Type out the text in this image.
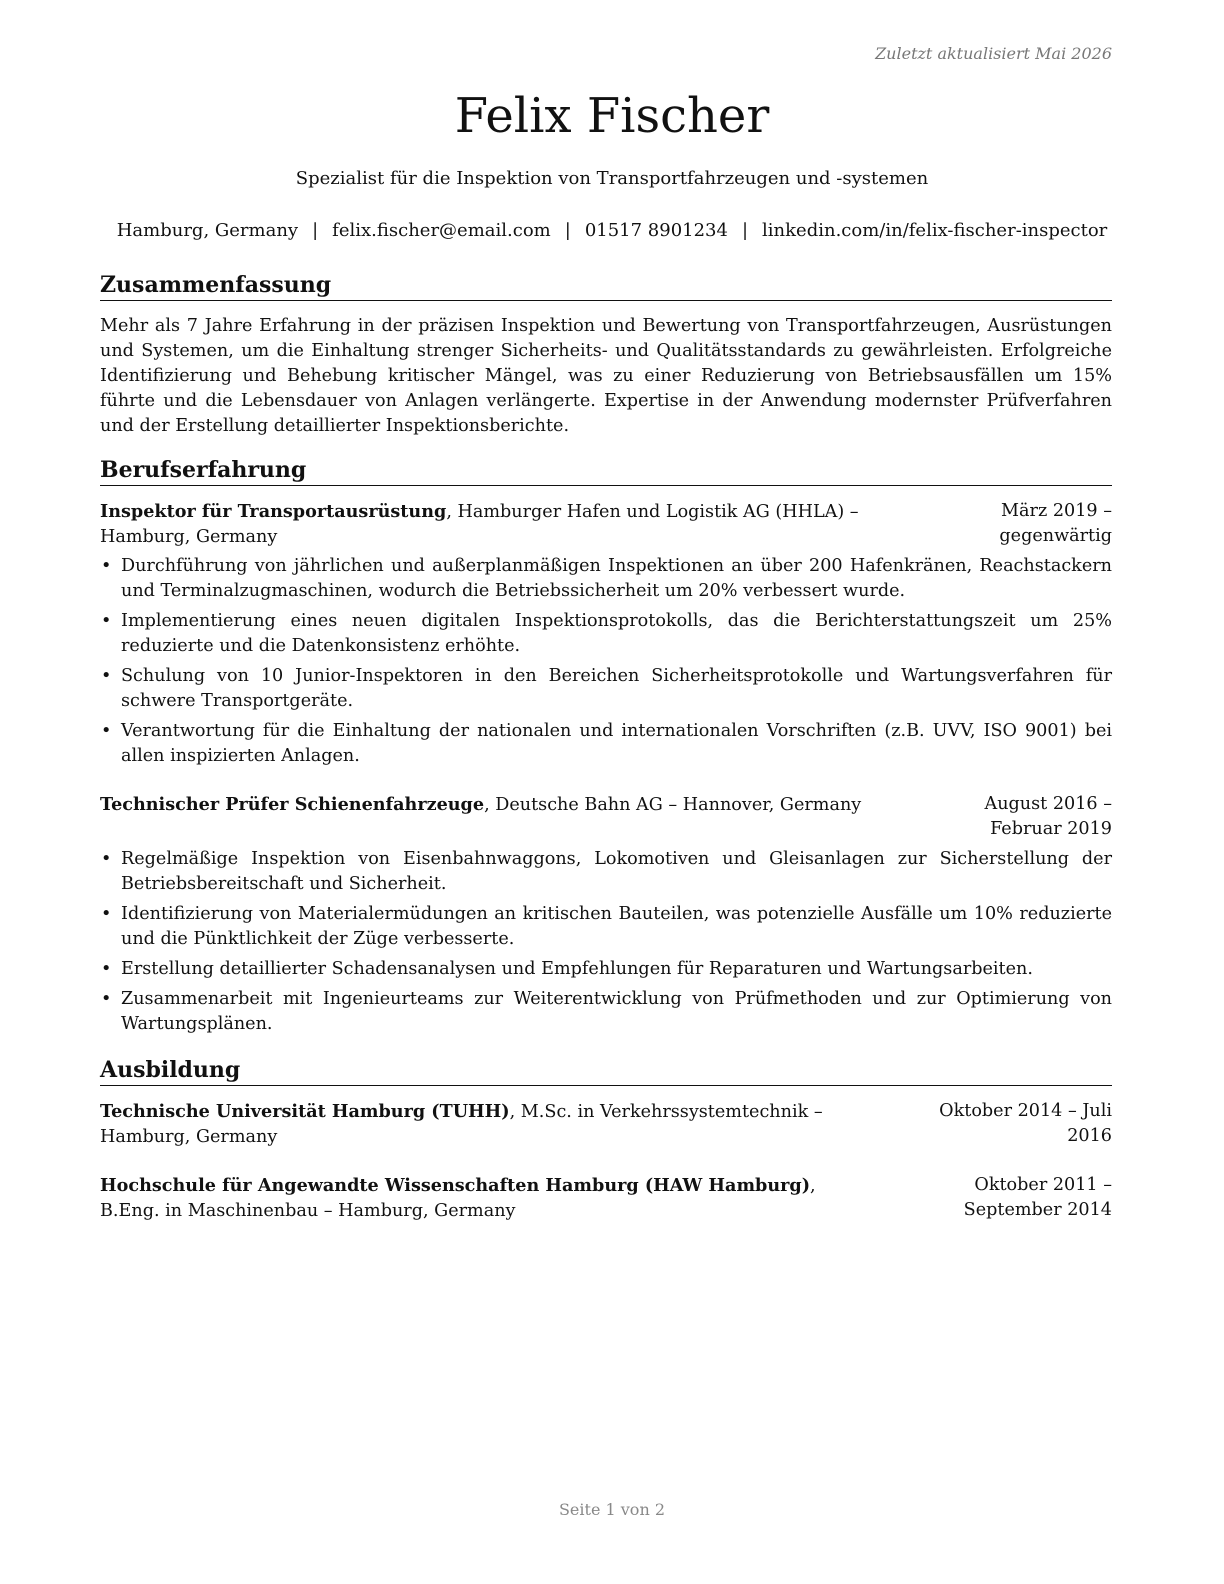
Zuletzt aktualisiert Mai 2026
Felix Fischer
Spezialist für die Inspektion von Transportfahrzeugen und -systemen
Hamburg, Germany | felix.fischer@email.com | 01517 8901234 | linkedin.com/in/felix-fischer-inspector
Zusammenfassung
Mehr als 7 Jahre Erfahrung in der präzisen Inspektion und Bewertung von Transportfahrzeugen, Ausrüstungen und Systemen, um die Einhaltung strenger Sicherheits- und Qualitätsstandards zu gewährleisten. Erfolgreiche Identifizierung und Behebung kritischer Mängel, was zu einer Reduzierung von Betriebsausfällen um 15% führte und die Lebensdauer von Anlagen verlängerte. Expertise in der Anwendung modernster Prüfverfahren und der Erstellung detaillierter Inspektionsberichte.
Berufserfahrung
Inspektor für Transportausrüstung, Hamburger Hafen und Logistik AG (HHLA) – Hamburg, Germany
März 2019 – gegenwärtig
• Durchführung von jährlichen und außerplanmäßigen Inspektionen an über 200 Hafenkränen, Reachstackern und Terminalzugmaschinen, wodurch die Betriebssicherheit um 20% verbessert wurde.
• Implementierung eines neuen digitalen Inspektionsprotokolls, das die Berichterstattungszeit um 25% reduzierte und die Datenkonsistenz erhöhte.
• Schulung von 10 Junior-Inspektoren in den Bereichen Sicherheitsprotokolle und Wartungsverfahren für schwere Transportgeräte.
• Verantwortung für die Einhaltung der nationalen und internationalen Vorschriften (z.B. UVV, ISO 9001) bei allen inspizierten Anlagen.
Technischer Prüfer Schienenfahrzeuge, Deutsche Bahn AG – Hannover, Germany	August 2016 – Februar 2019
• Regelmäßige Inspektion von Eisenbahnwaggons, Lokomotiven und Gleisanlagen zur Sicherstellung der Betriebsbereitschaft und Sicherheit.
• Identifizierung von Materialermüdungen an kritischen Bauteilen, was potenzielle Ausfälle um 10% reduzierte und die Pünktlichkeit der Züge verbesserte.
• Erstellung detaillierter Schadensanalysen und Empfehlungen für Reparaturen und Wartungsarbeiten.
• Zusammenarbeit mit Ingenieurteams zur Weiterentwicklung von Prüfmethoden und zur Optimierung von Wartungsplänen.
Ausbildung
Technische Universität Hamburg (TUHH), M.Sc. in Verkehrssystemtechnik – Hamburg, Germany
Oktober 2014 – Juli 2016
Hochschule für Angewandte Wissenschaften Hamburg (HAW Hamburg), B.Eng. in Maschinenbau – Hamburg, Germany
Oktober 2011 – September 2014
Seite 1 von 2
